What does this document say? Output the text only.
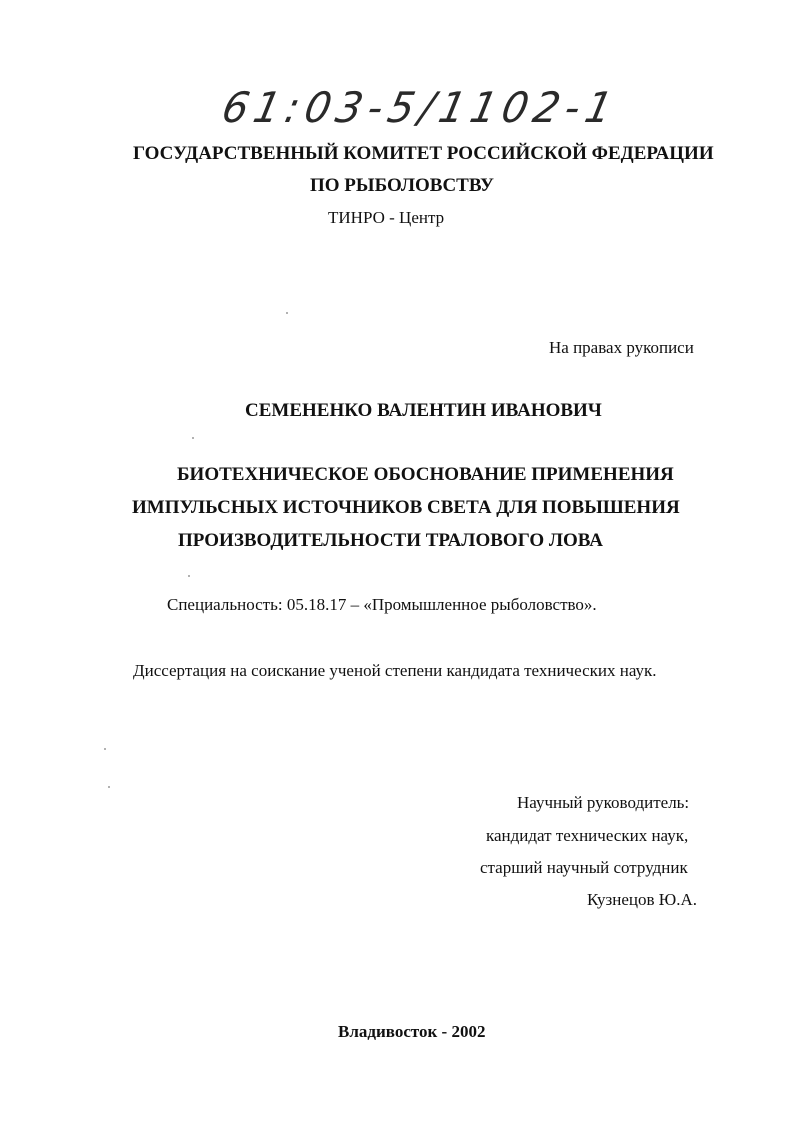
61:03-5/1102-1
ГОСУДАРСТВЕННЫЙ КОМИТЕТ РОССИЙСКОЙ ФЕДЕРАЦИИ
ПО РЫБОЛОВСТВУ
ТИНРО - Центр
На правах рукописи
СЕМЕНЕНКО ВАЛЕНТИН ИВАНОВИЧ
БИОТЕХНИЧЕСКОЕ ОБОСНОВАНИЕ ПРИМЕНЕНИЯ
ИМПУЛЬСНЫХ ИСТОЧНИКОВ СВЕТА ДЛЯ ПОВЫШЕНИЯ
ПРОИЗВОДИТЕЛЬНОСТИ ТРАЛОВОГО ЛОВА
Специальность: 05.18.17 – «Промышленное рыболовство».
Диссертация на соискание ученой степени кандидата технических наук.
Научный руководитель:
кандидат технических наук,
старший научный сотрудник
Кузнецов Ю.А.
Владивосток - 2002
